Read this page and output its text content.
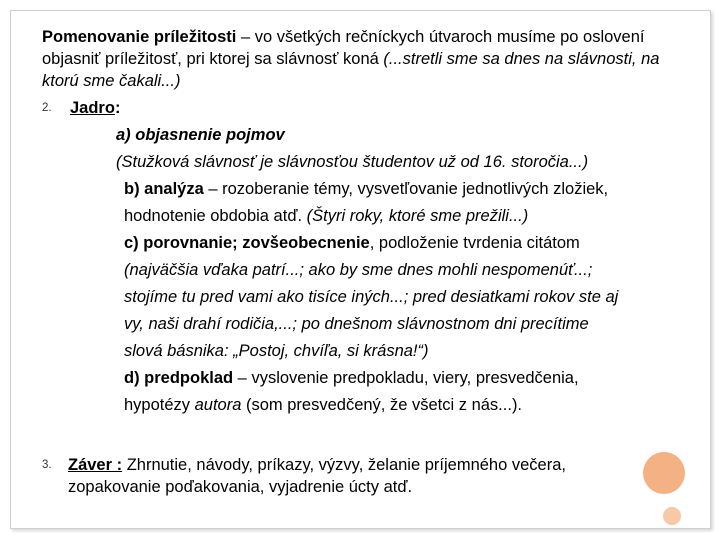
Pomenovanie príležitosti – vo všetkých rečníckych útvaroch musíme po oslovení objasniť príležitosť, pri ktorej sa slávnosť koná (...stretli sme sa dnes na slávnosti, na ktorú sme čakali...)
2. Jadro:
a) objasnenie pojmov
(Stužková slávnosť je slávnosťou študentov už od 16. storočia...)
b) analýza – rozoberanie témy, vysvetľovanie jednotlivých zložiek,
hodnotenie obdobia atď. (Štyri roky, ktoré sme prežili...)
c) porovnanie; zovšeobecnenie, podloženie tvrdenia citátom
(najväčšia vďaka patrí...; ako by sme dnes mohli nespomenúť...;
stojíme tu pred vami ako tisíce iných...; pred desiatkami rokov ste aj
vy, naši drahí rodičia,...; po dnešnom slávnostnom dni precítime
slová básnika: „Postoj, chvíľa, si krásna!“)
d) predpoklad – vyslovenie predpokladu, viery, presvedčenia,
hypotézy autora (som presvedčený, že všetci z nás...).
3. Záver : Zhrnutie, návody, príkazy, výzvy, želanie príjemného večera,
zopakovanie poďakovania, vyjadrenie úcty atď.
